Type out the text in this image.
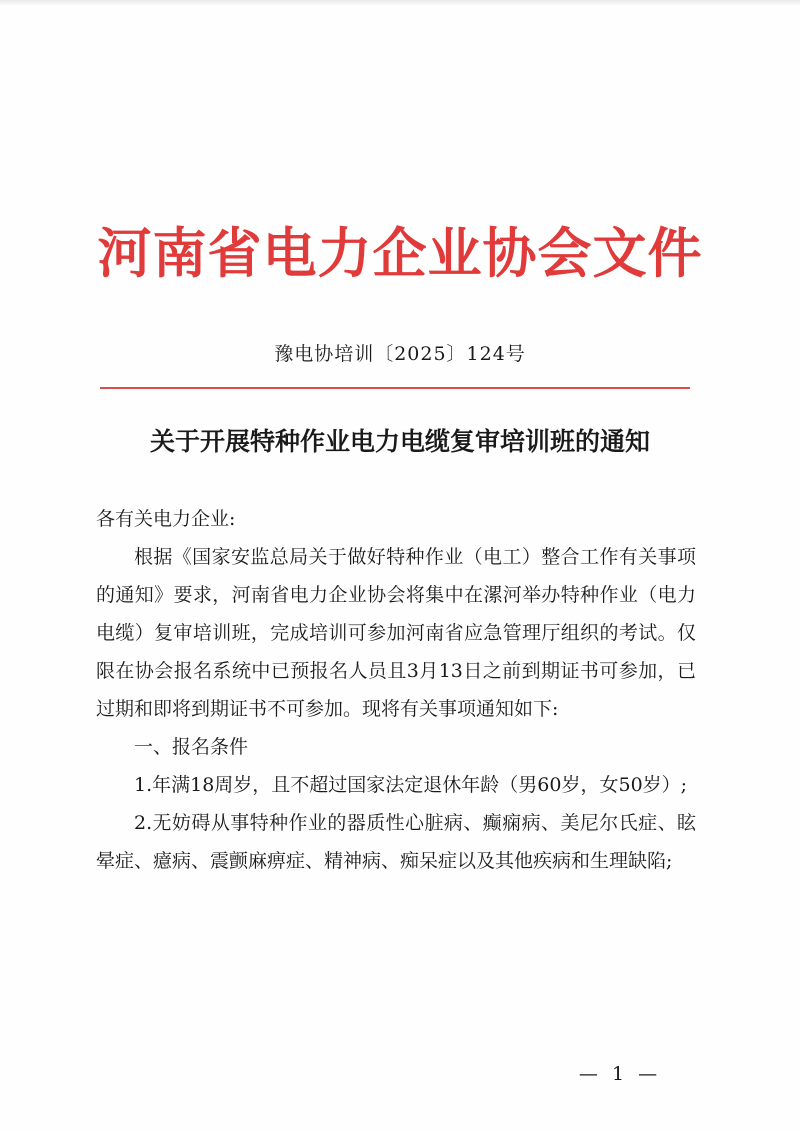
河南省电力企业协会文件
豫电协培训〔2025〕124号
关于开展特种作业电力电缆复审培训班的通知

各有关电力企业:

根据《国家安监总局关于做好特种作业（电工）整合工作有关事项的通知》要求，河南省电力企业协会将集中在漯河举办特种作业（电力电缆）复审培训班，完成培训可参加河南省应急管理厅组织的考试。仅限在协会报名系统中已预报名人员且3月13日之前到期证书可参加，已过期和即将到期证书不可参加。现将有关事项通知如下:

一、报名条件

1.年满18周岁，且不超过国家法定退休年龄（男60岁，女50岁）;

2.无妨碍从事特种作业的器质性心脏病、癫痫病、美尼尔氏症、眩晕症、癔病、震颤麻痹症、精神病、痴呆症以及其他疾病和生理缺陷;

— 1 —
